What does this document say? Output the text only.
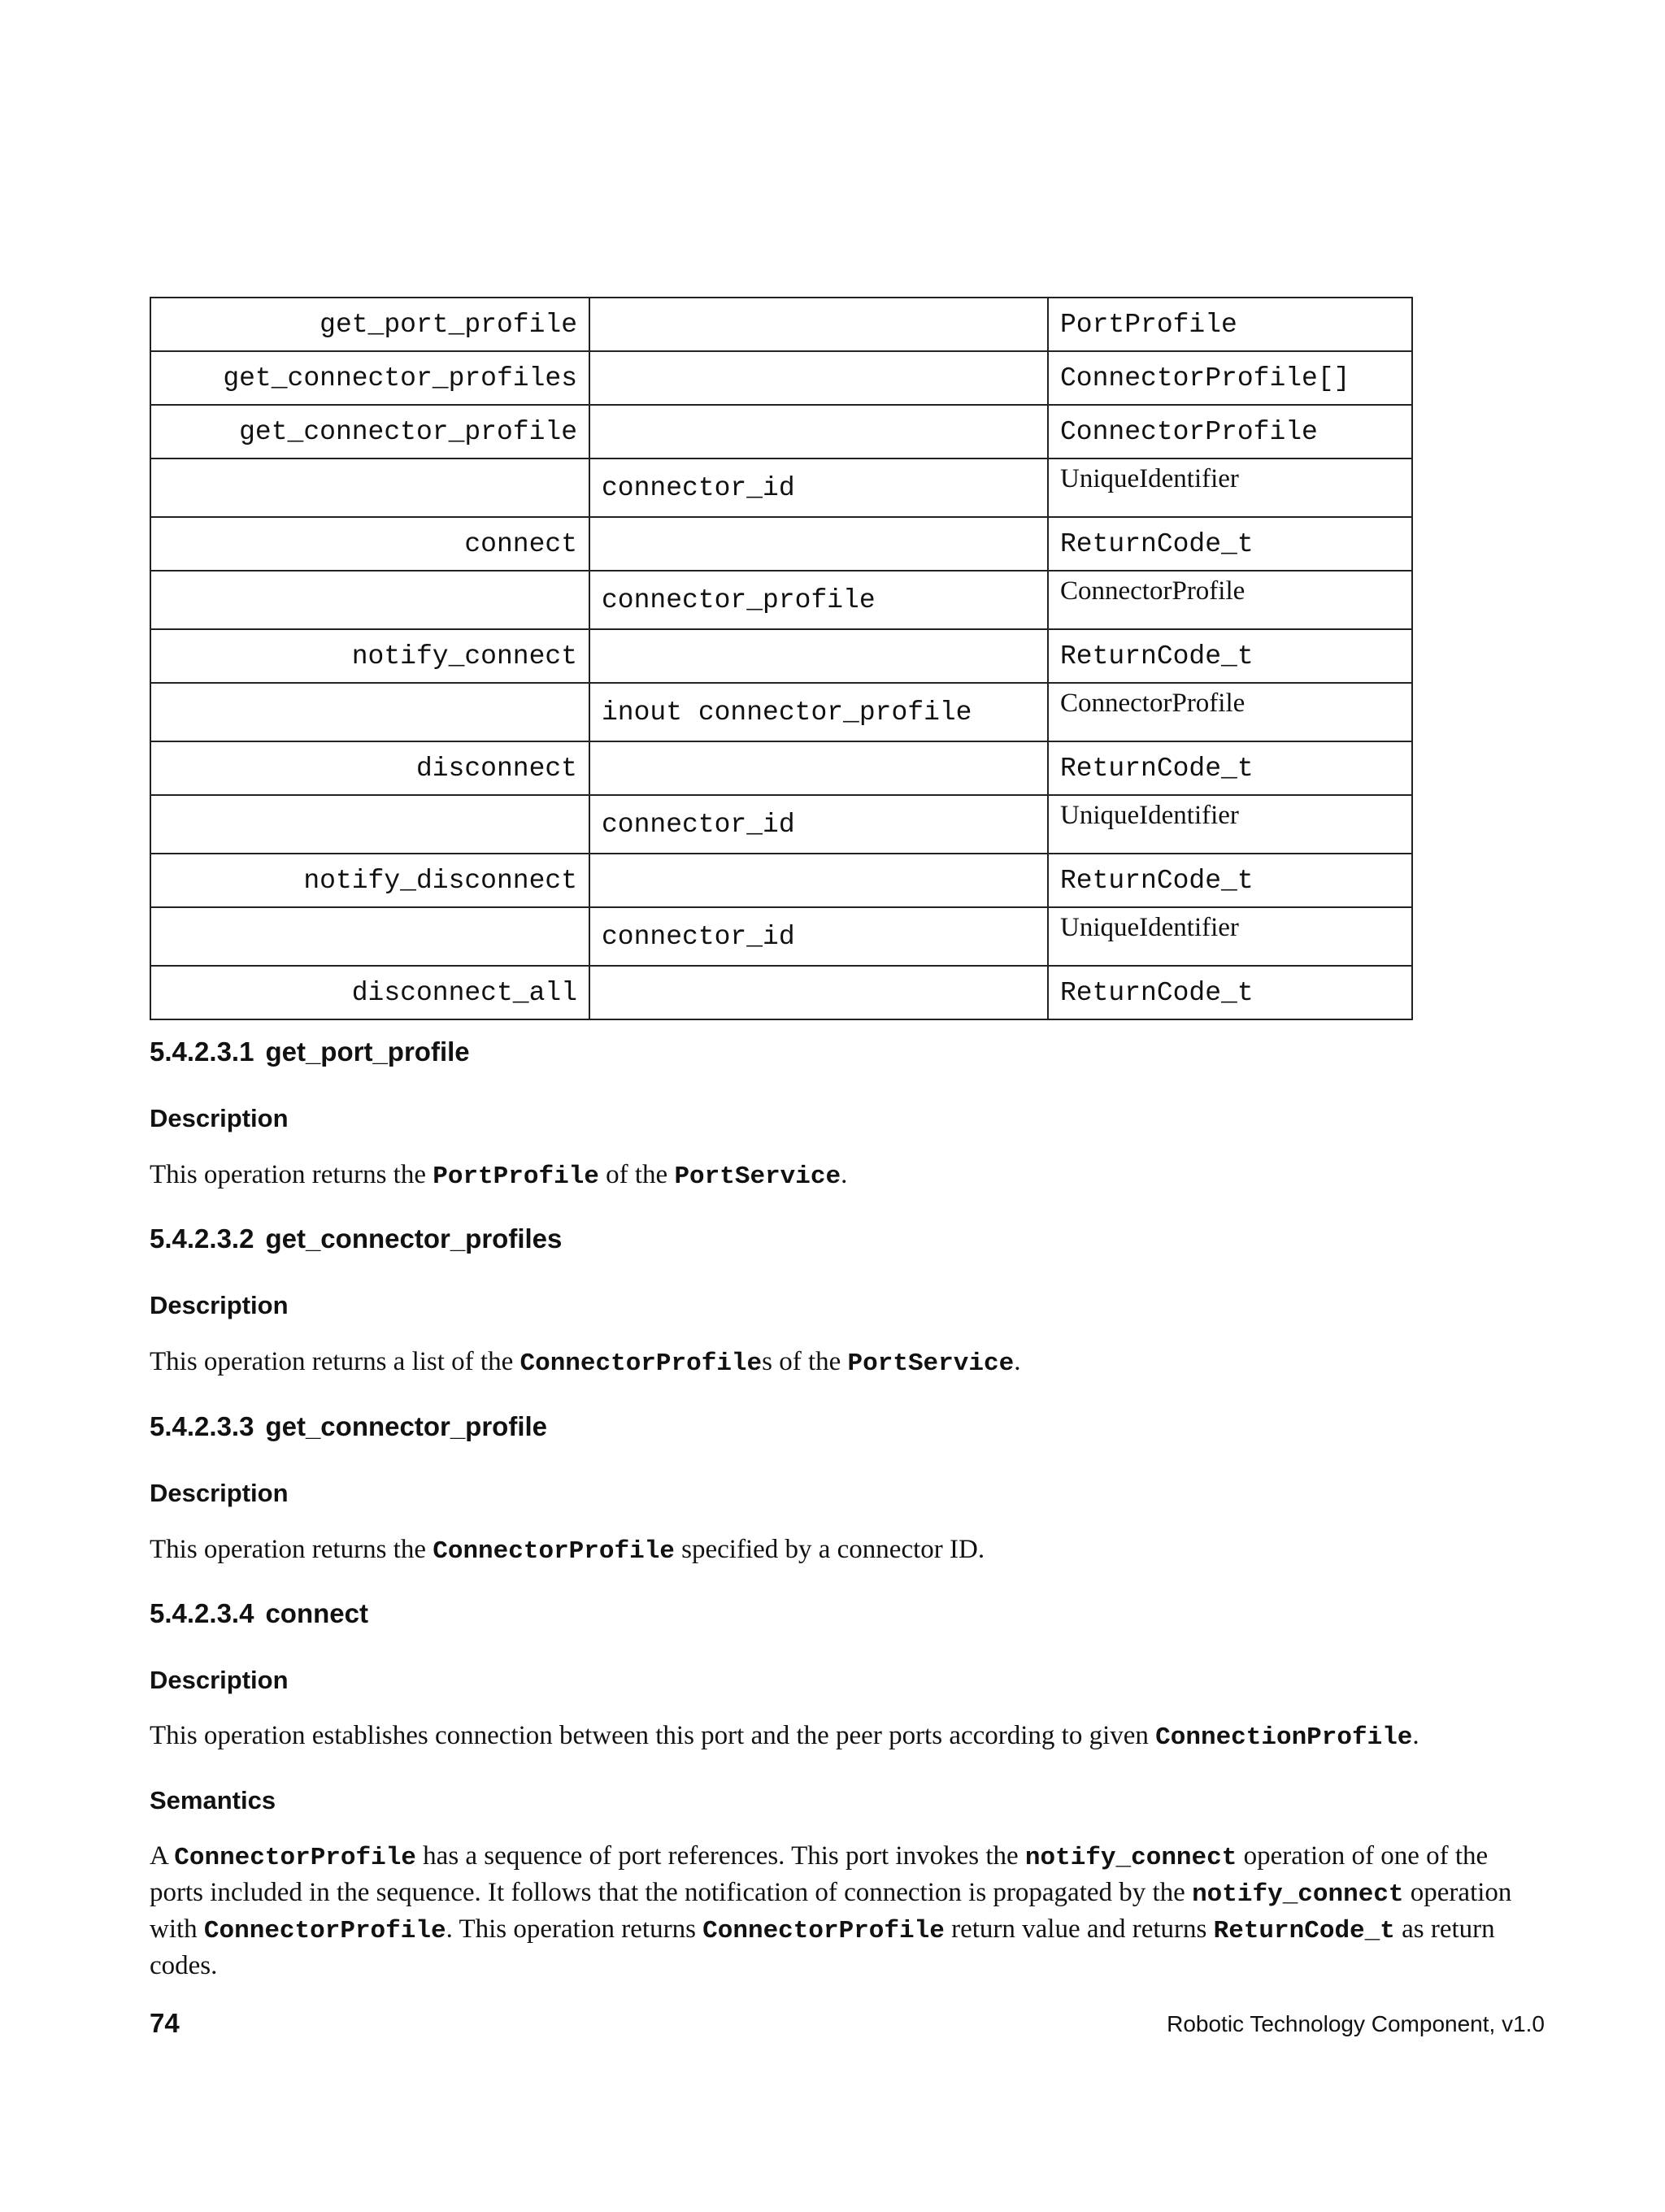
get_port_profile		PortProfile
get_connector_profiles		ConnectorProfile[]
get_connector_profile		ConnectorProfile
	connector_id	UniqueIdentifier
connect		ReturnCode_t
	connector_profile	ConnectorProfile
notify_connect		ReturnCode_t
	inout connector_profile	ConnectorProfile
disconnect		ReturnCode_t
	connector_id	UniqueIdentifier
notify_disconnect		ReturnCode_t
	connector_id	UniqueIdentifier
disconnect_all		ReturnCode_t
5.4.2.3.1 get_port_profile
Description

This operation returns the PortProfile of the PortService.

5.4.2.3.2 get_connector_profiles
Description

This operation returns a list of the ConnectorProfiles of the PortService.

5.4.2.3.3 get_connector_profile
Description

This operation returns the ConnectorProfile specified by a connector ID.

5.4.2.3.4 connect
Description

This operation establishes connection between this port and the peer ports according to given ConnectionProfile.

Semantics

A ConnectorProfile has a sequence of port references. This port invokes the notify_connect operation of one of the ports included in the sequence. It follows that the notification of connection is propagated by the notify_connect operation with ConnectorProfile. This operation returns ConnectorProfile return value and returns ReturnCode_t as return codes.

74	Robotic Technology Component, v1.0
